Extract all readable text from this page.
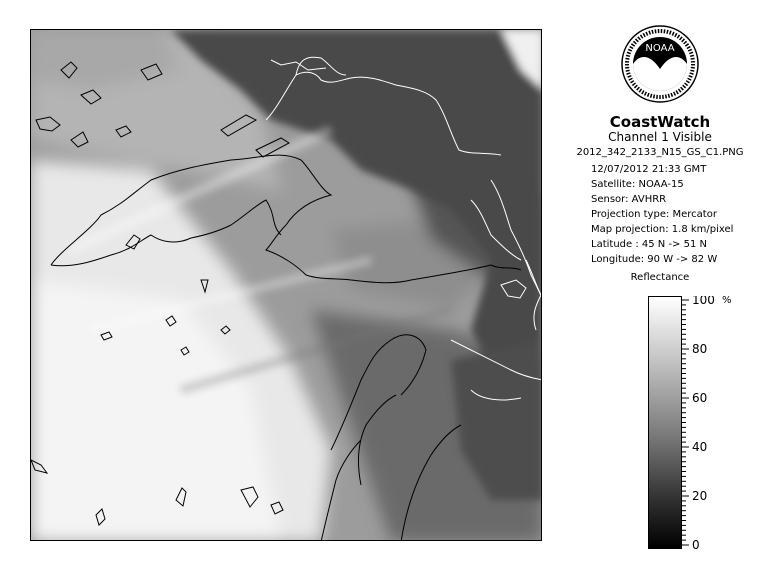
NOAA
CoastWatch
Channel 1 Visible
2012_342_2133_N15_GS_C1.PNG
12/07/2012 21:33 GMT
Satellite: NOAA-15
Sensor: AVHRR
Projection type: Mercator
Map projection: 1.8 km/pixel
Latitude : 45 N -> 51 N
Longitude: 90 W -> 82 W
Reflectance
100
80
60
40
20
0
%
